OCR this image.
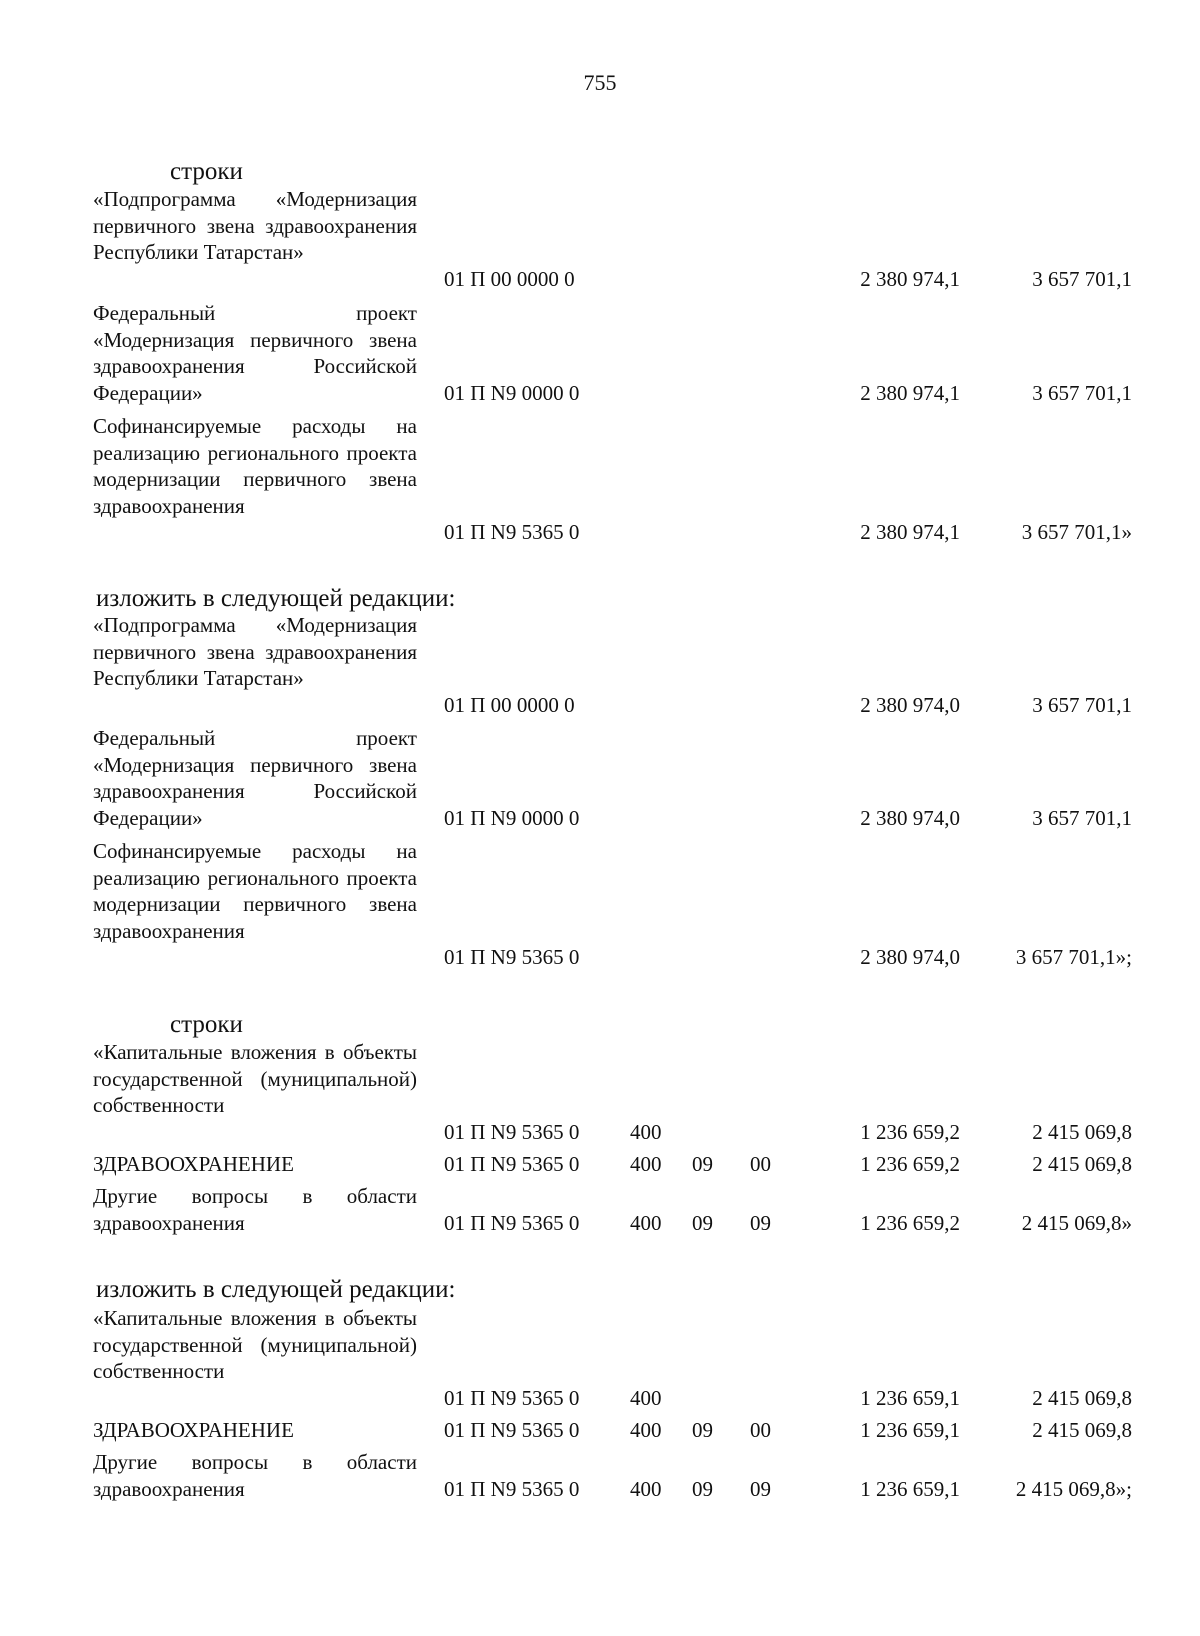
755
строки
«Подпрограмма «Модернизация первичного звена здравоохранения Республики Татарстан»
01 П 00 0000 0	2 380 974,1	3 657 701,1
Федеральный проект «Модернизация первичного звена здравоохранения Российской Федерации»	01 П N9 0000 0	2 380 974,1	3 657 701,1
Софинансируемые расходы на реализацию регионального проекта модернизации первичного звена здравоохранения
01 П N9 5365 0	2 380 974,1	3 657 701,1»
изложить в следующей редакции:
«Подпрограмма «Модернизация первичного звена здравоохранения Республики Татарстан»
01 П 00 0000 0	2 380 974,0	3 657 701,1
Федеральный проект «Модернизация первичного звена здравоохранения Российской Федерации»	01 П N9 0000 0	2 380 974,0	3 657 701,1
Софинансируемые расходы на реализацию регионального проекта модернизации первичного звена здравоохранения
01 П N9 5365 0	2 380 974,0	3 657 701,1»;
строки
«Капитальные вложения в объекты государственной (муниципальной) собственности
01 П N9 5365 0 400	1 236 659,2	2 415 069,8
ЗДРАВООХРАНЕНИЕ	01 П N9 5365 0 400 09 00	1 236 659,2	2 415 069,8
Другие вопросы в области здравоохранения	01 П N9 5365 0 400 09 09	1 236 659,2	2 415 069,8»
изложить в следующей редакции:
«Капитальные вложения в объекты государственной (муниципальной) собственности
01 П N9 5365 0 400	1 236 659,1	2 415 069,8
ЗДРАВООХРАНЕНИЕ	01 П N9 5365 0 400 09 00	1 236 659,1	2 415 069,8
Другие вопросы в области здравоохранения	01 П N9 5365 0 400 09 09	1 236 659,1	2 415 069,8»;
